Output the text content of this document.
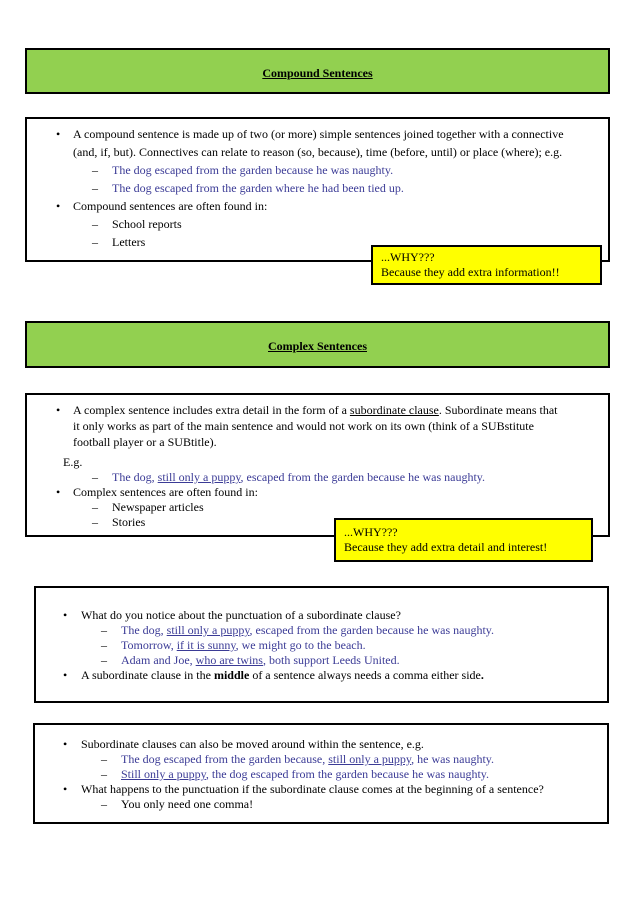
Compound Sentences
• A compound sentence is made up of two (or more) simple sentences joined together with a connective
(and, if, but). Connectives can relate to reason (so, because), time (before, until) or place (where); e.g.
– The dog escaped from the garden because he was naughty.
– The dog escaped from the garden where he had been tied up.
• Compound sentences are often found in:
– School reports
– Letters
...WHY???
Because they add extra information!!
Complex Sentences
• A complex sentence includes extra detail in the form of a subordinate clause. Subordinate means that
it only works as part of the main sentence and would not work on its own (think of a SUBstitute
football player or a SUBtitle).
E.g.
– The dog, still only a puppy, escaped from the garden because he was naughty.
• Complex sentences are often found in:
– Newspaper articles
– Stories
...WHY???
Because they add extra detail and interest!
• What do you notice about the punctuation of a subordinate clause?
– The dog, still only a puppy, escaped from the garden because he was naughty.
– Tomorrow, if it is sunny, we might go to the beach.
– Adam and Joe, who are twins, both support Leeds United.
• A subordinate clause in the middle of a sentence always needs a comma either side.
• Subordinate clauses can also be moved around within the sentence, e.g.
– The dog escaped from the garden because, still only a puppy, he was naughty.
– Still only a puppy, the dog escaped from the garden because he was naughty.
• What happens to the punctuation if the subordinate clause comes at the beginning of a sentence?
– You only need one comma!
